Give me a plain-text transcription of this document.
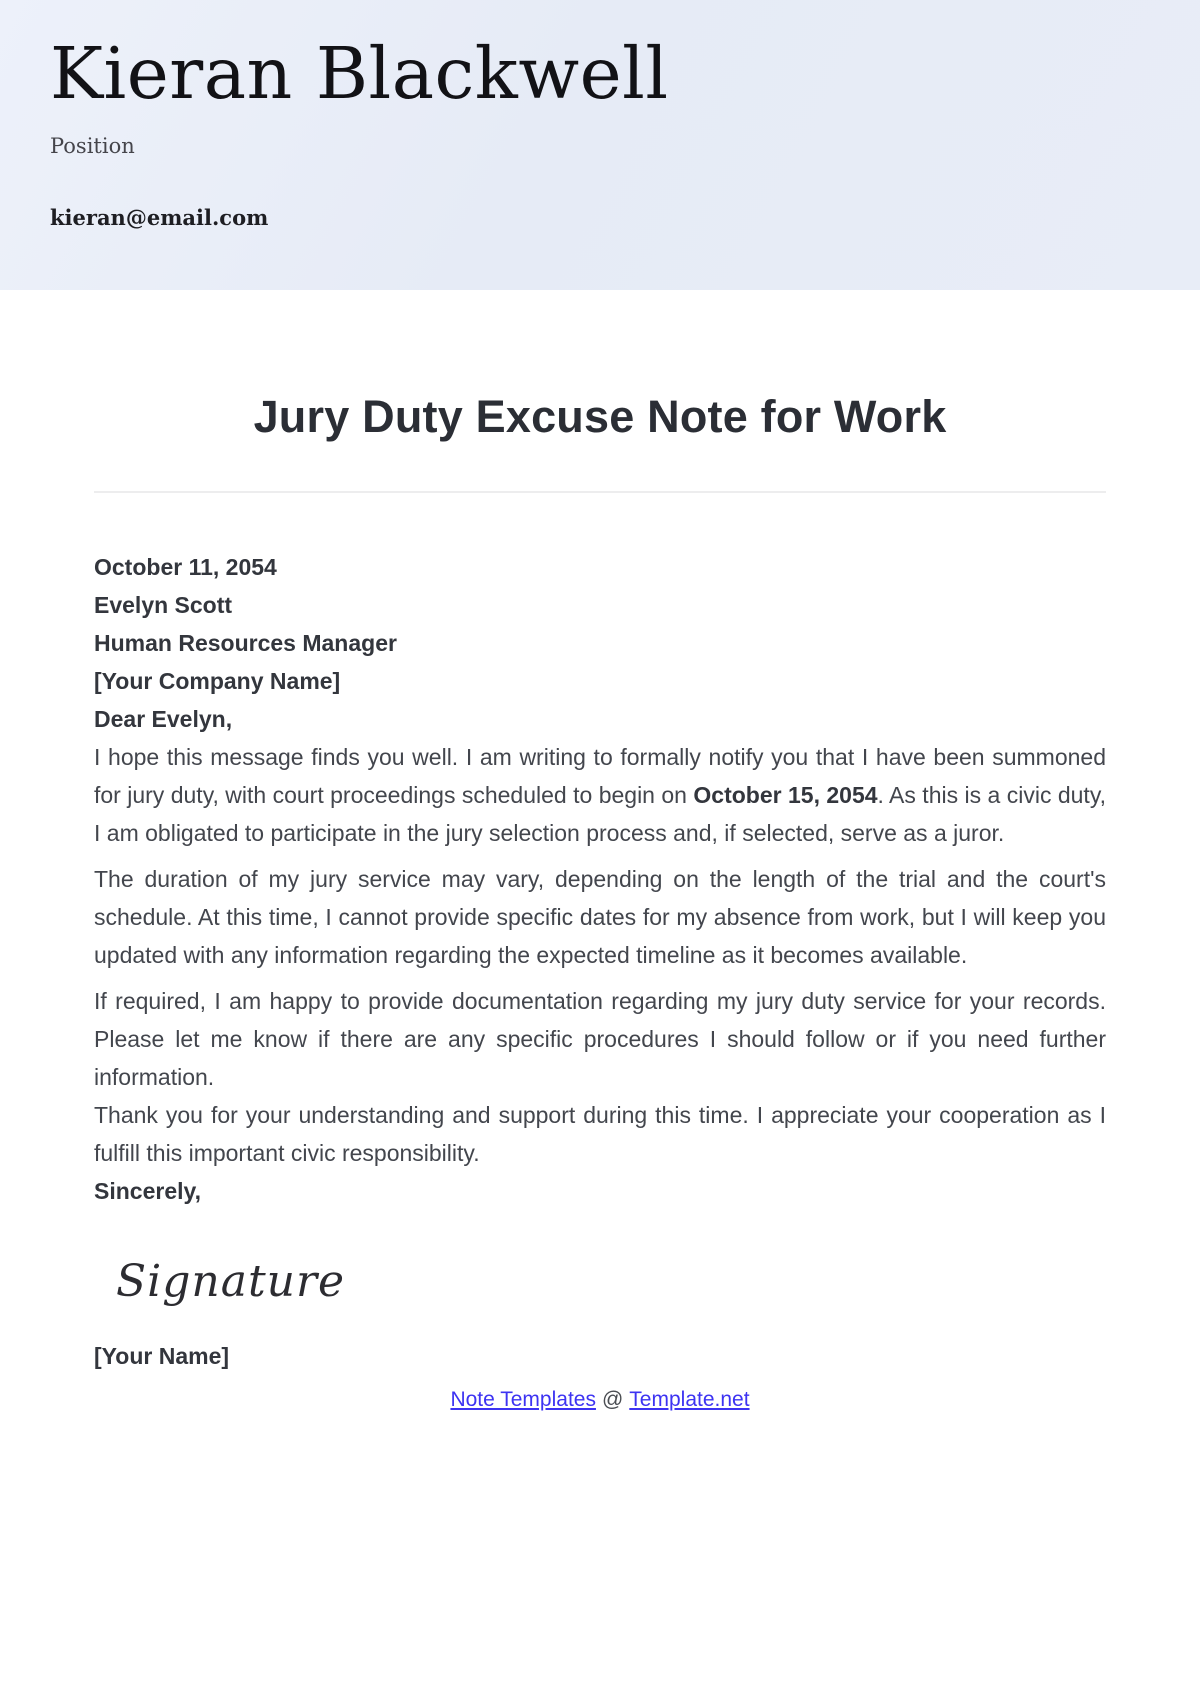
Kieran Blackwell
Position
kieran@email.com
Jury Duty Excuse Note for Work

October 11, 2054

Evelyn Scott

Human Resources Manager

[Your Company Name]

Dear Evelyn,

I hope this message finds you well. I am writing to formally notify you that I have been summoned for jury duty, with court proceedings scheduled to begin on October 15, 2054. As this is a civic duty, I am obligated to participate in the jury selection process and, if selected, serve as a juror.

The duration of my jury service may vary, depending on the length of the trial and the court's schedule. At this time, I cannot provide specific dates for my absence from work, but I will keep you updated with any information regarding the expected timeline as it becomes available.

If required, I am happy to provide documentation regarding my jury duty service for your records. Please let me know if there are any specific procedures I should follow or if you need further information.

Thank you for your understanding and support during this time. I appreciate your cooperation as I fulfill this important civic responsibility.

Sincerely,

Signature

[Your Name]

Note Templates @ Template.net
